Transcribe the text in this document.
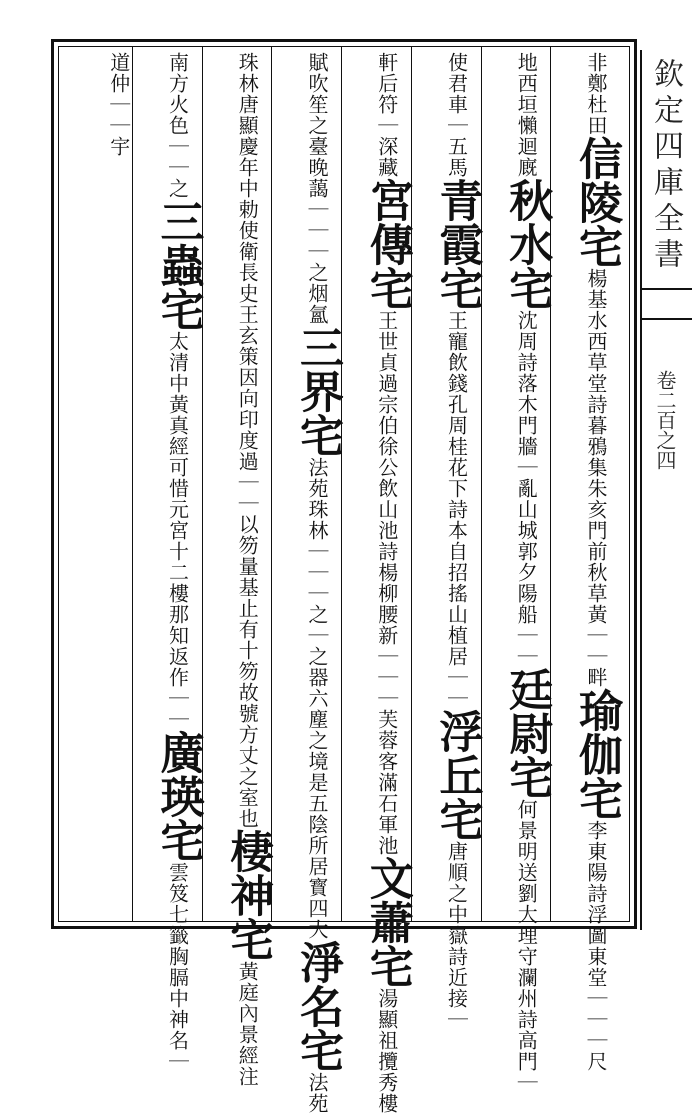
欽定四庫全書
卷二百之四
非鄭杜田信陵宅楊基水西草堂詩暮鴉集朱亥門前秋草黃｜｜畔瑜伽宅李東陽詩浮圖東堂｜｜｜尺
地西垣懶迴廐秋水宅沈周詩落木門牆｜亂山城郭夕陽船｜｜廷尉宅何景明送劉大理守瀾州詩高門｜
使君車｜五馬青霞宅王寵飲錢孔周桂花下詩本自招搖山植居｜｜浮丘宅唐順之中嶽詩近接｜
軒后符｜深藏宮傳宅王世貞過宗伯徐公飲山池詩楊柳腰新｜｜｜芙蓉客滿石軍池文蕭宅湯顯祖攬秀樓
賦吹笙之臺晚藹｜｜｜之烟氳三界宅法苑珠林｜｜｜之｜之器六塵之境是五陰所居寳四大淨名宅法苑
珠林唐顯慶年中勅使衛長史王玄策因向印度過｜｜以笏量基止有十笏故號方丈之室也棲神宅黃庭內景經注
南方火色｜｜之三蟲宅太清中黃真經可惜元宮十二樓那知返作｜｜廣瑛宅雲笈七籤胸膈中神名｜
道仲｜｜宇
